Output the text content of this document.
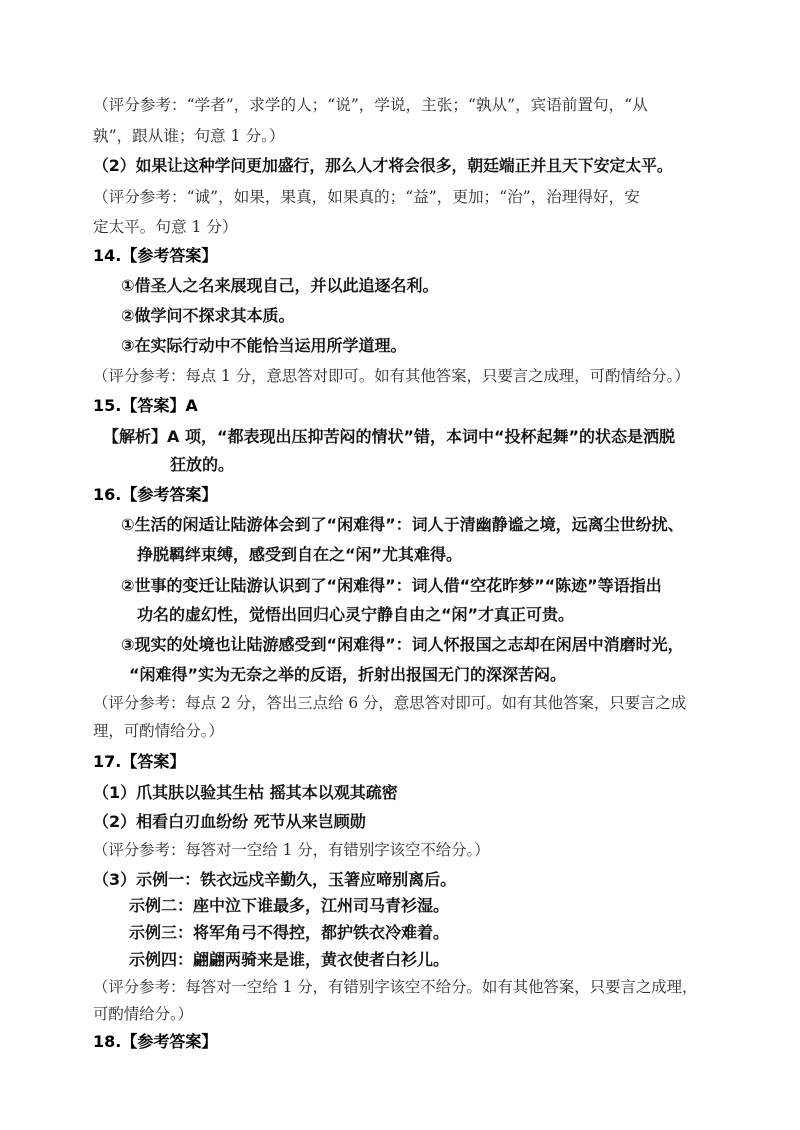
（评分参考：“学者”，求学的人；“说”，学说，主张；“孰从”，宾语前置句，“从
孰”，跟从谁；句意 1 分。）
（2）如果让这种学问更加盛行，那么人才将会很多，朝廷端正并且天下安定太平。
（评分参考：“诚”，如果，果真，如果真的；“益”，更加；“治”，治理得好，安
定太平。句意 1 分）
14.【参考答案】
①借圣人之名来展现自己，并以此追逐名利。
②做学问不探求其本质。
③在实际行动中不能恰当运用所学道理。
（评分参考：每点 1 分，意思答对即可。如有其他答案，只要言之成理，可酌情给分。）
15.【答案】A
【解析】A 项，“都表现出压抑苦闷的情状”错，本词中“投杯起舞”的状态是洒脱
狂放的。
16.【参考答案】
①生活的闲适让陆游体会到了“闲难得”：词人于清幽静谧之境，远离尘世纷扰、
挣脱羁绊束缚，感受到自在之“闲”尤其难得。
②世事的变迁让陆游认识到了“闲难得”：词人借“空花昨梦”“陈迹”等语指出
功名的虚幻性，觉悟出回归心灵宁静自由之“闲”才真正可贵。
③现实的处境也让陆游感受到“闲难得”：词人怀报国之志却在闲居中消磨时光，
“闲难得”实为无奈之举的反语，折射出报国无门的深深苦闷。
（评分参考：每点 2 分，答出三点给 6 分，意思答对即可。如有其他答案，只要言之成
理，可酌情给分。）
17.【答案】
（1）爪其肤以验其生枯 摇其本以观其疏密
（2）相看白刃血纷纷 死节从来岂顾勋
（评分参考：每答对一空给 1 分，有错别字该空不给分。）
（3）示例一：铁衣远戍辛勤久，玉箸应啼别离后。
示例二：座中泣下谁最多，江州司马青衫湿。
示例三：将军角弓不得控，都护铁衣冷难着。
示例四：翩翩两骑来是谁，黄衣使者白衫儿。
（评分参考：每答对一空给 1 分，有错别字该空不给分。如有其他答案，只要言之成理，
可酌情给分。）
18.【参考答案】
